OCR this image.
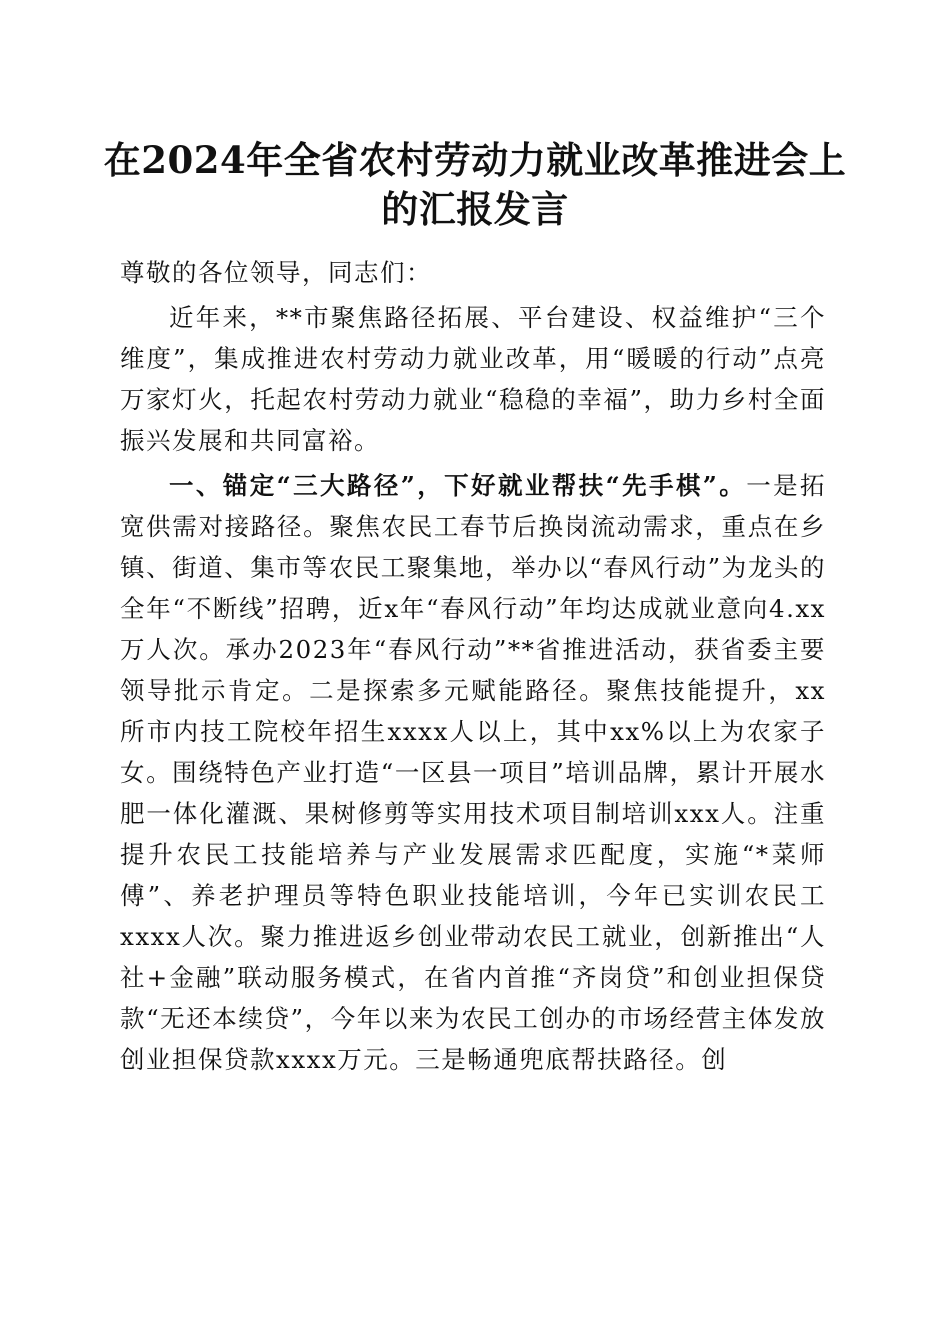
在2024年全省农村劳动力就业改革推进会上
的汇报发言

尊敬的各位领导，同志们：

近年来，**市聚焦路径拓展、平台建设、权益维护“三个维度”，集成推进农村劳动力就业改革，用“暖暖的行动”点亮万家灯火，托起农村劳动力就业“稳稳的幸福”，助力乡村全面振兴发展和共同富裕。

一、锚定“三大路径”，下好就业帮扶“先手棋”。一是拓宽供需对接路径。聚焦农民工春节后换岗流动需求，重点在乡镇、街道、集市等农民工聚集地，举办以“春风行动”为龙头的全年“不断线”招聘，近x年“春风行动”年均达成就业意向4.xx万人次。承办2023年“春风行动”**省推进活动，获省委主要领导批示肯定。二是探索多元赋能路径。聚焦技能提升，xx所市内技工院校年招生xxxx人以上，其中xx%以上为农家子女。围绕特色产业打造“一区县一项目”培训品牌，累计开展水肥一体化灌溉、果树修剪等实用技术项目制培训xxx人。注重提升农民工技能培养与产业发展需求匹配度，实施“*菜师傅”、养老护理员等特色职业技能培训，今年已实训农民工xxxx人次。聚力推进返乡创业带动农民工就业，创新推出“人社+金融”联动服务模式，在省内首推“齐岗贷”和创业担保贷款“无还本续贷”，今年以来为农民工创办的市场经营主体发放创业担保贷款xxxx万元。三是畅通兜底帮扶路径。创
